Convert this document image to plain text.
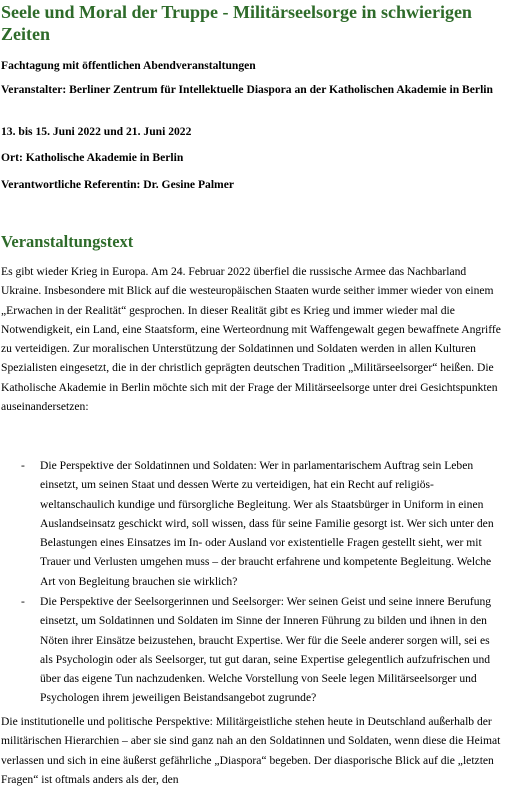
Seele und Moral der Truppe - Militärseelsorge in schwierigen Zeiten

Fachtagung mit öffentlichen Abendveranstaltungen

Veranstalter: Berliner Zentrum für Intellektuelle Diaspora an der Katholischen Akademie in Berlin

13. bis 15. Juni 2022 und 21. Juni 2022

Ort: Katholische Akademie in Berlin

Verantwortliche Referentin: Dr. Gesine Palmer

Veranstaltungstext

Es gibt wieder Krieg in Europa. Am 24. Februar 2022 überfiel die russische Armee das Nachbarland Ukraine. Insbesondere mit Blick auf die westeuropäischen Staaten wurde seither immer wieder von einem „Erwachen in der Realität“ gesprochen. In dieser Realität gibt es Krieg und immer wieder mal die Notwendigkeit, ein Land, eine Staatsform, eine Werteordnung mit Waffengewalt gegen bewaffnete Angriffe zu verteidigen. Zur moralischen Unterstützung der Soldatinnen und Soldaten werden in allen Kulturen Spezialisten eingesetzt, die in der christlich geprägten deutschen Tradition „Militärseelsorger“ heißen. Die Katholische Akademie in Berlin möchte sich mit der Frage der Militärseelsorge unter drei Gesichtspunkten auseinandersetzen:

- Die Perspektive der Soldatinnen und Soldaten: Wer in parlamentarischem Auftrag sein Leben einsetzt, um seinen Staat und dessen Werte zu verteidigen, hat ein Recht auf religiös-weltanschaulich kundige und fürsorgliche Begleitung. Wer als Staatsbürger in Uniform in einen Auslandseinsatz geschickt wird, soll wissen, dass für seine Familie gesorgt ist. Wer sich unter den Belastungen eines Einsatzes im In- oder Ausland vor existentielle Fragen gestellt sieht, wer mit Trauer und Verlusten umgehen muss – der braucht erfahrene und kompetente Begleitung. Welche Art von Begleitung brauchen sie wirklich?

- Die Perspektive der Seelsorgerinnen und Seelsorger: Wer seinen Geist und seine innere Berufung einsetzt, um Soldatinnen und Soldaten im Sinne der Inneren Führung zu bilden und ihnen in den Nöten ihrer Einsätze beizustehen, braucht Expertise. Wer für die Seele anderer sorgen will, sei es als Psychologin oder als Seelsorger, tut gut daran, seine Expertise gelegentlich aufzufrischen und über das eigene Tun nachzudenken. Welche Vorstellung von Seele legen Militärseelsorger und Psychologen ihrem jeweiligen Beistandsangebot zugrunde?

Die institutionelle und politische Perspektive: Militärgeistliche stehen heute in Deutschland außerhalb der militärischen Hierarchien – aber sie sind ganz nah an den Soldatinnen und Soldaten, wenn diese die Heimat verlassen und sich in eine äußerst gefährliche „Diaspora“ begeben. Der diasporische Blick auf die „letzten Fragen“ ist oftmals anders als der, den
